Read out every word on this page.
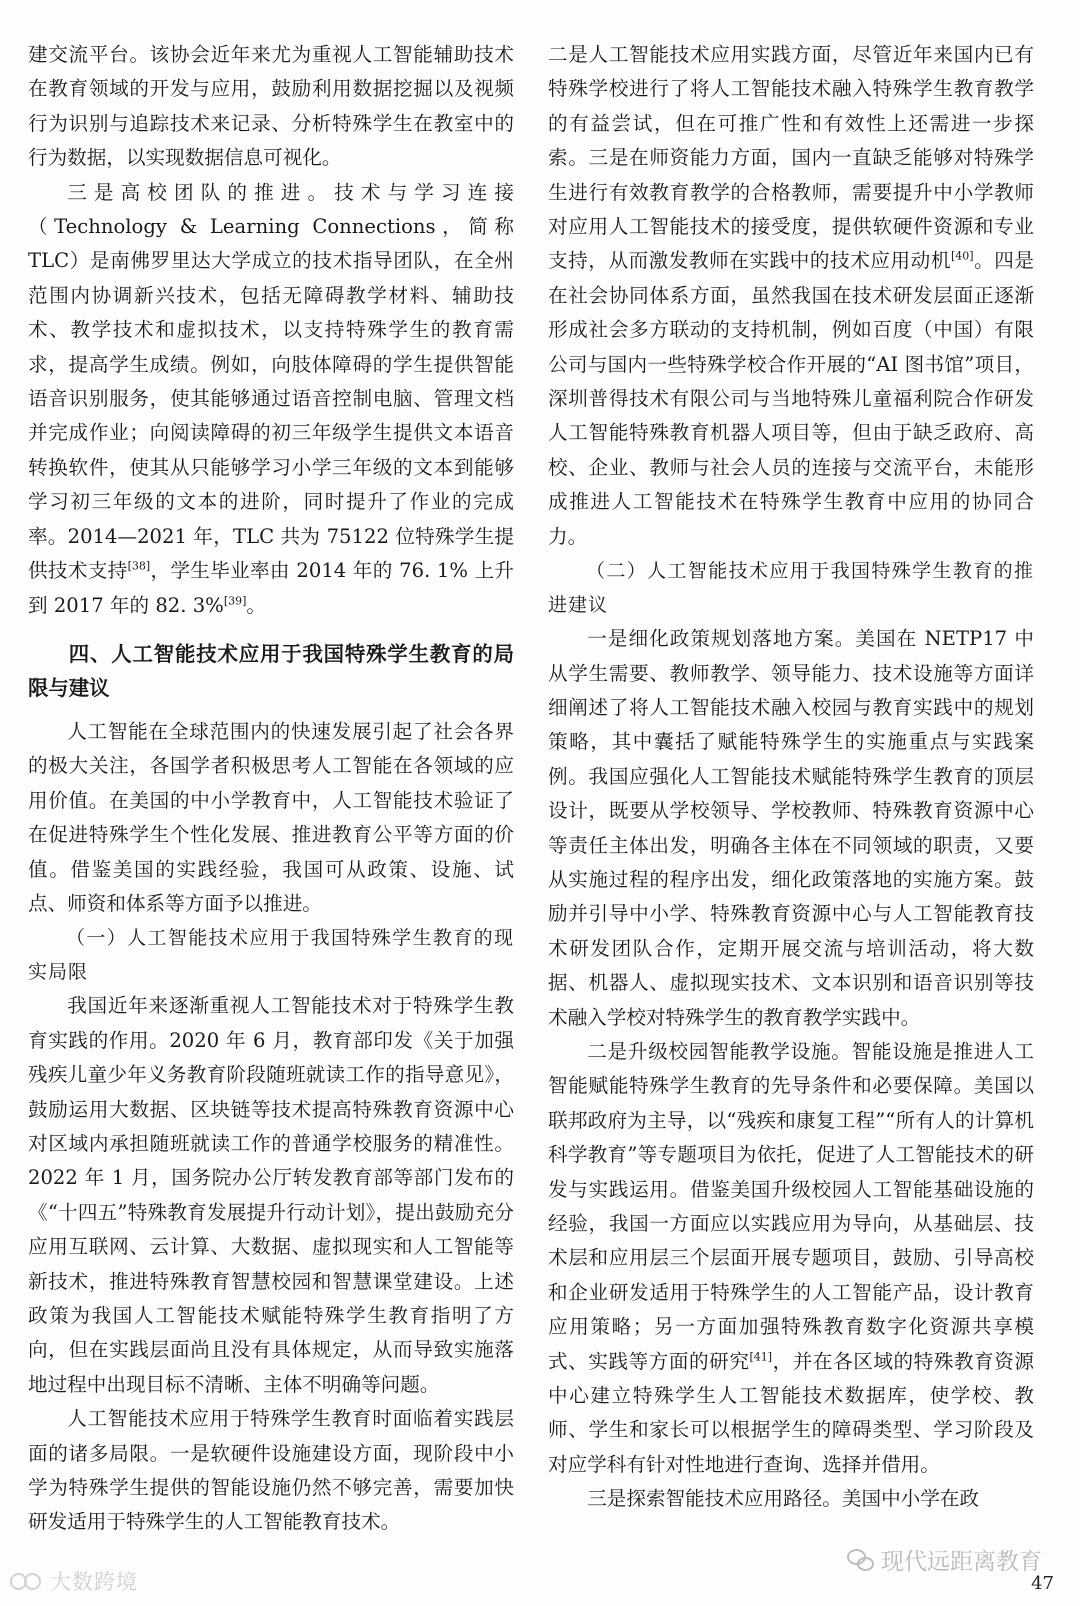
建交流平台。该协会近年来尤为重视人工智能辅助技术在教育领域的开发与应用，鼓励利用数据挖掘以及视频行为识别与追踪技术来记录、分析特殊学生在教室中的行为数据，以实现数据信息可视化。

三是高校团队的推进。技术与学习连接（Technology & Learning Connections，简称 TLC）是南佛罗里达大学成立的技术指导团队，在全州范围内协调新兴技术，包括无障碍教学材料、辅助技术、教学技术和虚拟技术，以支持特殊学生的教育需求，提高学生成绩。例如，向肢体障碍的学生提供智能语音识别服务，使其能够通过语音控制电脑、管理文档并完成作业；向阅读障碍的初三年级学生提供文本语音转换软件，使其从只能够学习小学三年级的文本到能够学习初三年级的文本的进阶，同时提升了作业的完成率。2014—2021 年，TLC 共为 75122 位特殊学生提供技术支持[38]，学生毕业率由 2014 年的 76. 1% 上升到 2017 年的 82. 3%[39]。

四、人工智能技术应用于我国特殊学生教育的局限与建议

人工智能在全球范围内的快速发展引起了社会各界的极大关注，各国学者积极思考人工智能在各领域的应用价值。在美国的中小学教育中，人工智能技术验证了在促进特殊学生个性化发展、推进教育公平等方面的价值。借鉴美国的实践经验，我国可从政策、设施、试点、师资和体系等方面予以推进。

（一）人工智能技术应用于我国特殊学生教育的现实局限

我国近年来逐渐重视人工智能技术对于特殊学生教育实践的作用。2020 年 6 月，教育部印发《关于加强残疾儿童少年义务教育阶段随班就读工作的指导意见》，鼓励运用大数据、区块链等技术提高特殊教育资源中心对区域内承担随班就读工作的普通学校服务的精准性。2022 年 1 月，国务院办公厅转发教育部等部门发布的《“十四五”特殊教育发展提升行动计划》，提出鼓励充分应用互联网、云计算、大数据、虚拟现实和人工智能等新技术，推进特殊教育智慧校园和智慧课堂建设。上述政策为我国人工智能技术赋能特殊学生教育指明了方向，但在实践层面尚且没有具体规定，从而导致实施落地过程中出现目标不清晰、主体不明确等问题。

人工智能技术应用于特殊学生教育时面临着实践层面的诸多局限。一是软硬件设施建设方面，现阶段中小学为特殊学生提供的智能设施仍然不够完善，需要加快研发适用于特殊学生的人工智能教育技术。

二是人工智能技术应用实践方面，尽管近年来国内已有特殊学校进行了将人工智能技术融入特殊学生教育教学的有益尝试，但在可推广性和有效性上还需进一步探索。三是在师资能力方面，国内一直缺乏能够对特殊学生进行有效教育教学的合格教师，需要提升中小学教师对应用人工智能技术的接受度，提供软硬件资源和专业支持，从而激发教师在实践中的技术应用动机[40]。四是在社会协同体系方面，虽然我国在技术研发层面正逐渐形成社会多方联动的支持机制，例如百度（中国）有限公司与国内一些特殊学校合作开展的“AI 图书馆”项目，深圳普得技术有限公司与当地特殊儿童福利院合作研发人工智能特殊教育机器人项目等，但由于缺乏政府、高校、企业、教师与社会人员的连接与交流平台，未能形成推进人工智能技术在特殊学生教育中应用的协同合力。

（二）人工智能技术应用于我国特殊学生教育的推进建议

一是细化政策规划落地方案。美国在 NETP17 中从学生需要、教师教学、领导能力、技术设施等方面详细阐述了将人工智能技术融入校园与教育实践中的规划策略，其中囊括了赋能特殊学生的实施重点与实践案例。我国应强化人工智能技术赋能特殊学生教育的顶层设计，既要从学校领导、学校教师、特殊教育资源中心等责任主体出发，明确各主体在不同领域的职责，又要从实施过程的程序出发，细化政策落地的实施方案。鼓励并引导中小学、特殊教育资源中心与人工智能教育技术研发团队合作，定期开展交流与培训活动，将大数据、机器人、虚拟现实技术、文本识别和语音识别等技术融入学校对特殊学生的教育教学实践中。

二是升级校园智能教学设施。智能设施是推进人工智能赋能特殊学生教育的先导条件和必要保障。美国以联邦政府为主导，以“残疾和康复工程”“所有人的计算机科学教育”等专题项目为依托，促进了人工智能技术的研发与实践运用。借鉴美国升级校园人工智能基础设施的经验，我国一方面应以实践应用为导向，从基础层、技术层和应用层三个层面开展专题项目，鼓励、引导高校和企业研发适用于特殊学生的人工智能产品，设计教育应用策略；另一方面加强特殊教育数字化资源共享模式、实践等方面的研究[41]，并在各区域的特殊教育资源中心建立特殊学生人工智能技术数据库，使学校、教师、学生和家长可以根据学生的障碍类型、学习阶段及对应学科有针对性地进行查询、选择并借用。

三是探索智能技术应用路径。美国中小学在政

大数跨境
现代远距离教育
47
